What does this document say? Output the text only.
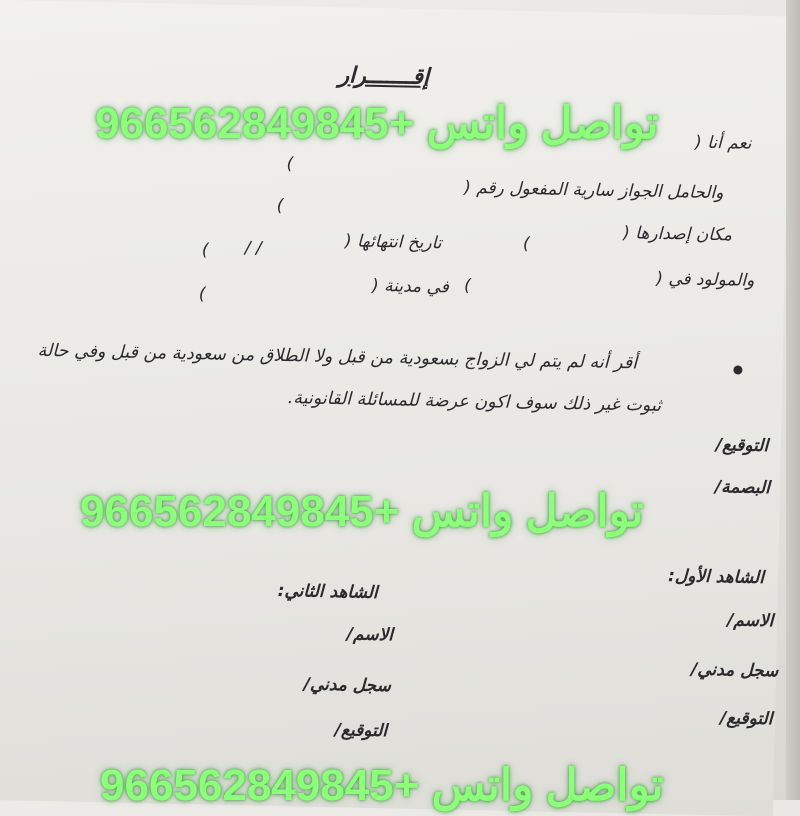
إقـــــــرار
نعم أنا (
)
والحامل الجواز سارية المفعول رقم (
)
مكان إصدارها (
)
تاريخ انتهائها (
/ /
)
والمولود في (
)
في مدينة (
)
أقر أنه لم يتم لي الزواج بسعودية من قبل ولا الطلاق من سعودية من قبل وفي حالة
ثبوت غير ذلك سوف اكون عرضة للمسائلة القانونية.
التوقيع/
البصمة/
الشاهد الأول:
الاسم/
سجل مدني/
التوقيع/
الشاهد الثاني:
الاسم/
سجل مدني/
التوقيع/
تواصل واتس +966562849845
تواصل واتس +966562849845
تواصل واتس +966562849845
